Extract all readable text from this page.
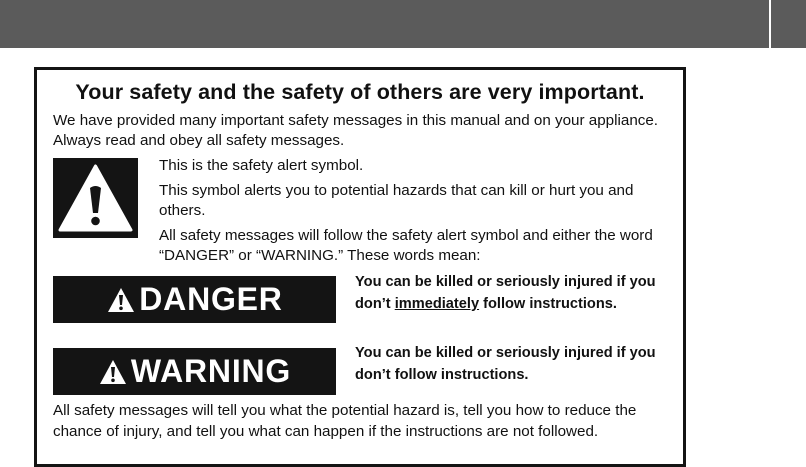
Your safety and the safety of others are very important.
We have provided many important safety messages in this manual and on your appliance. Always read and obey all safety messages.
This is the safety alert symbol.
This symbol alerts you to potential hazards that can kill or hurt you and others.
All safety messages will follow the safety alert symbol and either the word “DANGER” or “WARNING.” These words mean:
DANGER	You can be killed or seriously injured if you don’t immediately follow instructions.
WARNING	You can be killed or seriously injured if you don’t follow instructions.
All safety messages will tell you what the potential hazard is, tell you how to reduce the chance of injury, and tell you what can happen if the instructions are not followed.
